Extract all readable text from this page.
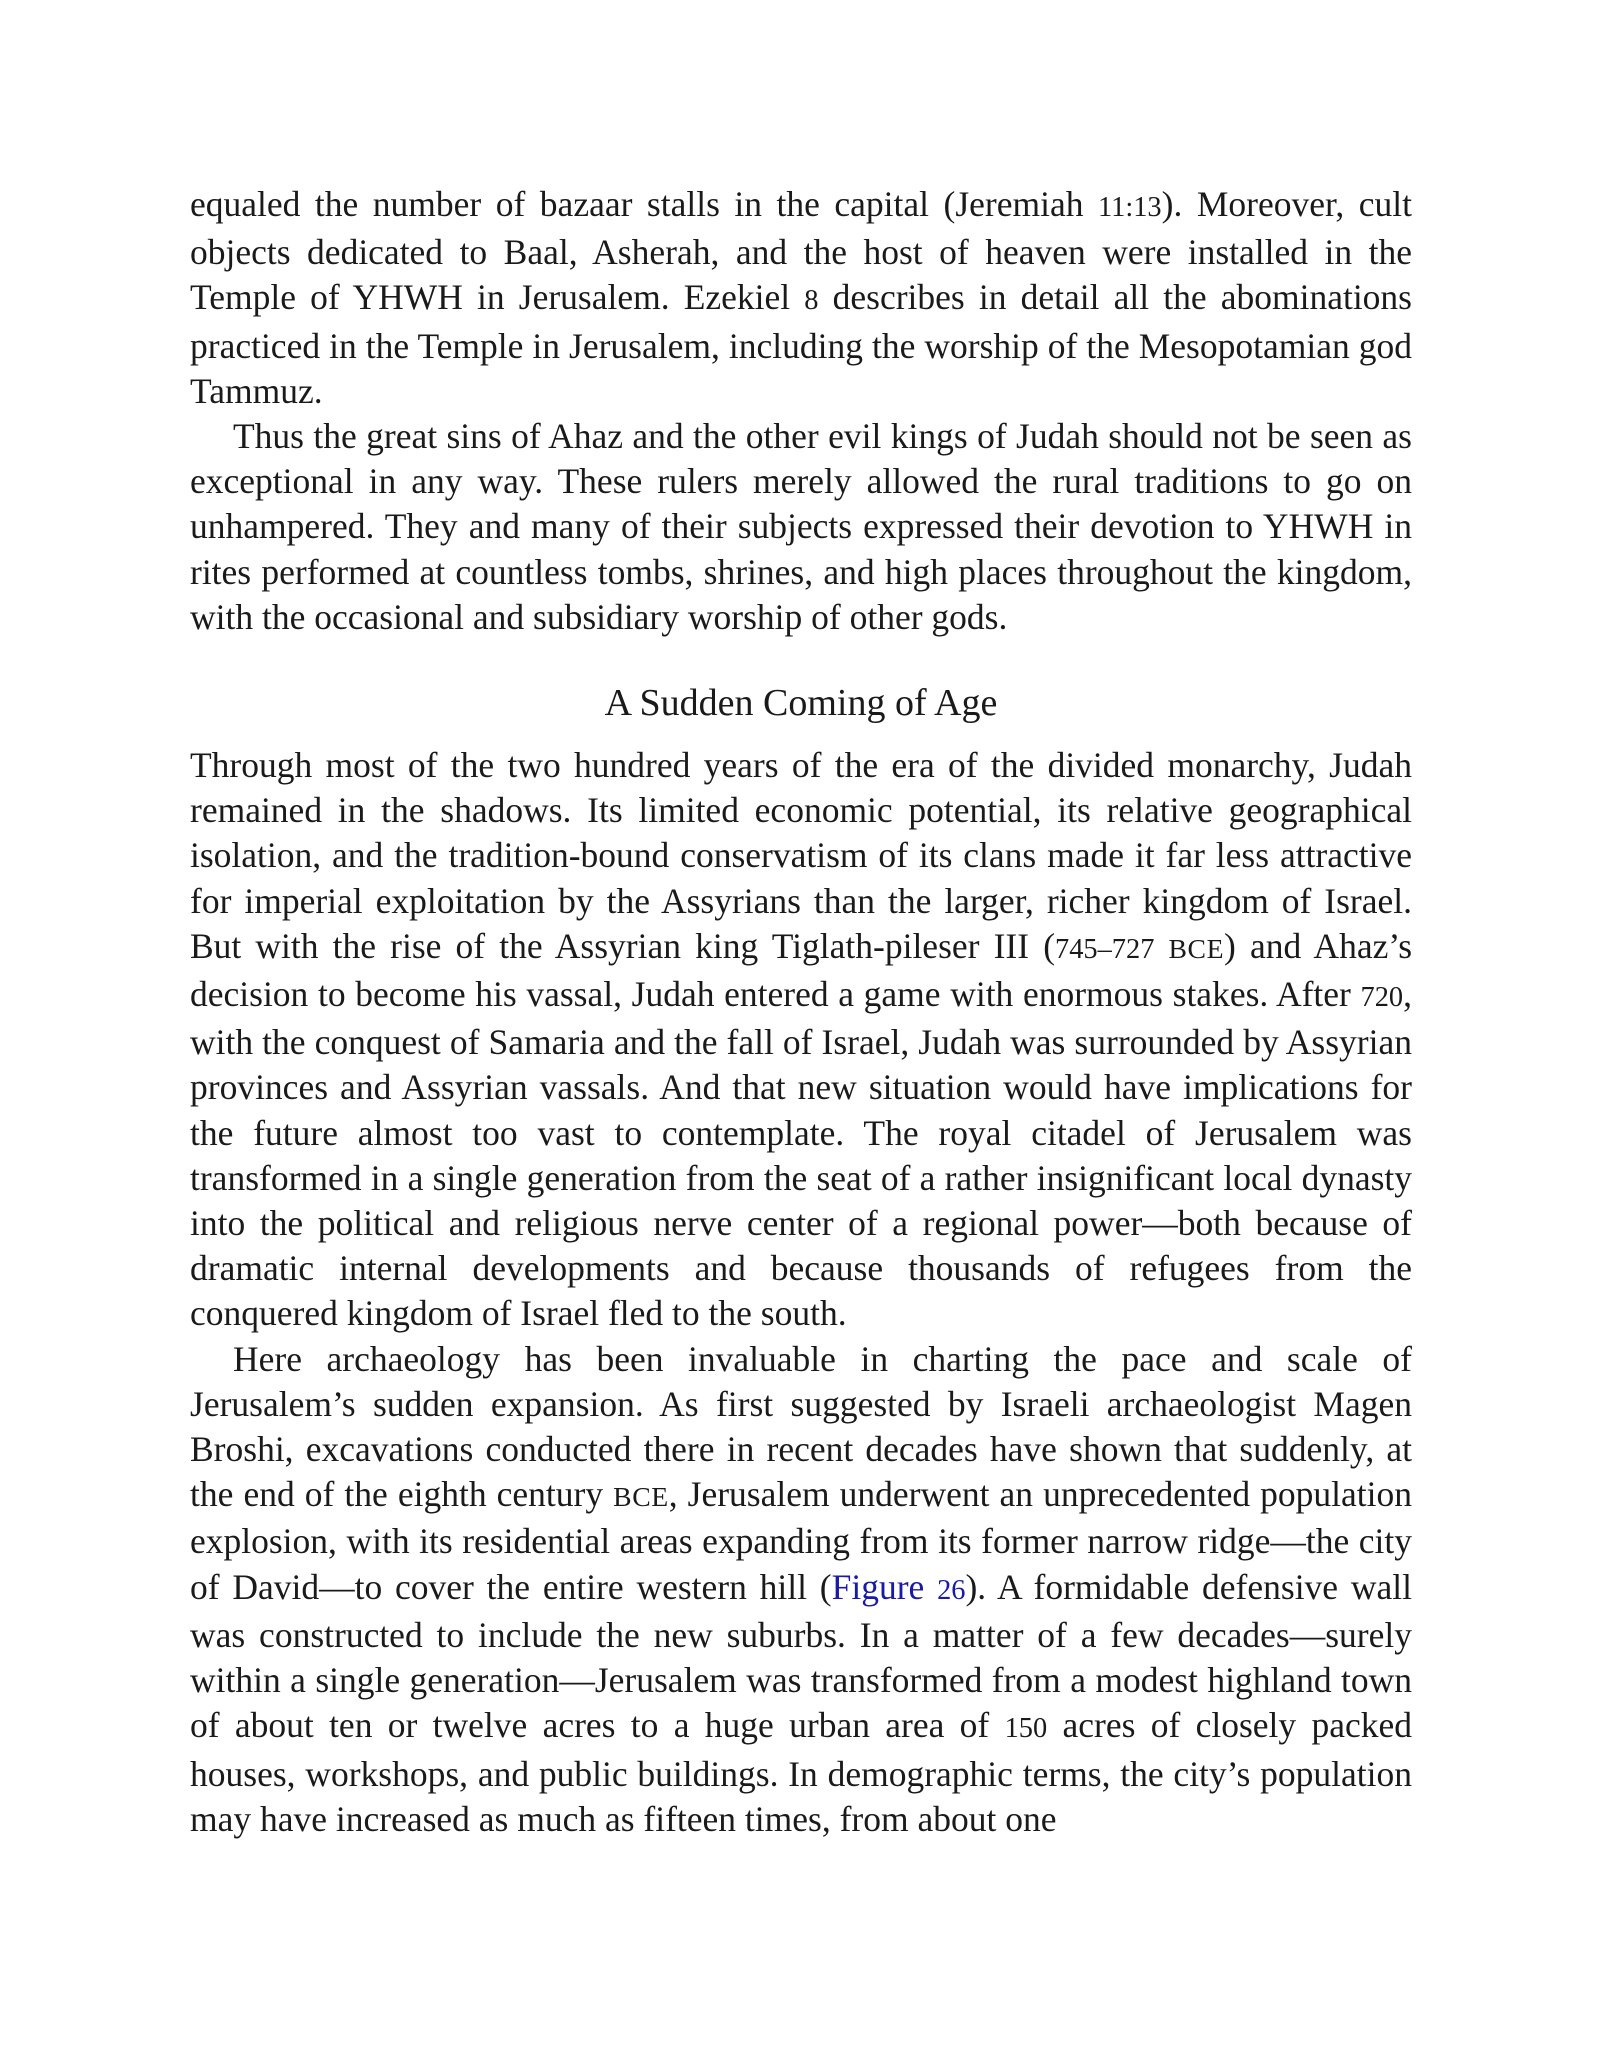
equaled the number of bazaar stalls in the capital (Jeremiah 11:13). Moreover, cult objects dedicated to Baal, Asherah, and the host of heaven were installed in the Temple of YHWH in Jerusalem. Ezekiel 8 describes in detail all the abominations practiced in the Temple in Jerusalem, including the worship of the Mesopotamian god Tammuz.

Thus the great sins of Ahaz and the other evil kings of Judah should not be seen as exceptional in any way. These rulers merely allowed the rural traditions to go on unhampered. They and many of their subjects expressed their devotion to YHWH in rites performed at countless tombs, shrines, and high places throughout the kingdom, with the occasional and subsidiary worship of other gods.

A Sudden Coming of Age

Through most of the two hundred years of the era of the divided monarchy, Judah remained in the shadows. Its limited economic potential, its relative geographical isolation, and the tradition-bound conservatism of its clans made it far less attractive for imperial exploitation by the Assyrians than the larger, richer kingdom of Israel. But with the rise of the Assyrian king Tiglath-pileser III (745–727 BCE) and Ahaz’s decision to become his vassal, Judah entered a game with enormous stakes. After 720, with the conquest of Samaria and the fall of Israel, Judah was surrounded by Assyrian provinces and Assyrian vassals. And that new situation would have implications for the future almost too vast to contemplate. The royal citadel of Jerusalem was transformed in a single generation from the seat of a rather insignificant local dynasty into the political and religious nerve center of a regional power—both because of dramatic internal developments and because thousands of refugees from the conquered kingdom of Israel fled to the south.

Here archaeology has been invaluable in charting the pace and scale of Jerusalem’s sudden expansion. As first suggested by Israeli archaeologist Magen Broshi, excavations conducted there in recent decades have shown that suddenly, at the end of the eighth century BCE, Jerusalem underwent an unprecedented population explosion, with its residential areas expanding from its former narrow ridge—the city of David—to cover the entire western hill (Figure 26). A formidable defensive wall was constructed to include the new suburbs. In a matter of a few decades—surely within a single generation—Jerusalem was transformed from a modest highland town of about ten or twelve acres to a huge urban area of 150 acres of closely packed houses, workshops, and public buildings. In demographic terms, the city’s population may have increased as much as fifteen times, from about one
